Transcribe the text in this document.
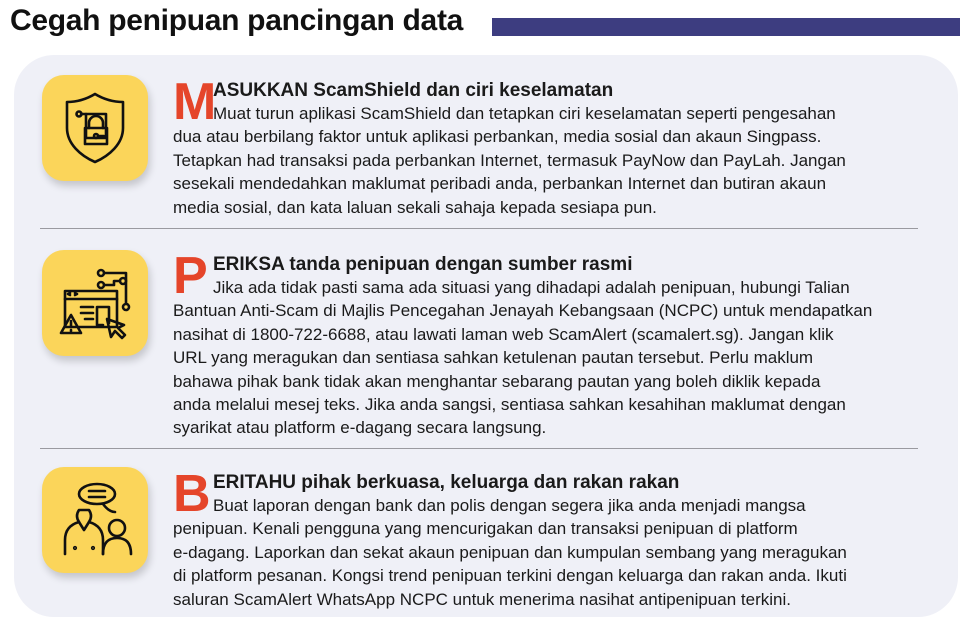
Cegah penipuan pancingan data
M
ASUKKAN ScamShield dan ciri keselamatan
Muat turun aplikasi ScamShield dan tetapkan ciri keselamatan seperti pengesahan
dua atau berbilang faktor untuk aplikasi perbankan, media sosial dan akaun Singpass.
Tetapkan had transaksi pada perbankan Internet, termasuk PayNow dan PayLah. Jangan
sesekali mendedahkan maklumat peribadi anda, perbankan Internet dan butiran akaun
media sosial, dan kata laluan sekali sahaja kepada sesiapa pun.
P ERIKSA tanda penipuan dengan sumber rasmi
Jika ada tidak pasti sama ada situasi yang dihadapi adalah penipuan, hubungi Talian
Bantuan Anti-Scam di Majlis Pencegahan Jenayah Kebangsaan (NCPC) untuk mendapatkan
nasihat di 1800-722-6688, atau lawati laman web ScamAlert (scamalert.sg). Jangan klik
URL yang meragukan dan sentiasa sahkan ketulenan pautan tersebut. Perlu maklum
bahawa pihak bank tidak akan menghantar sebarang pautan yang boleh diklik kepada
anda melalui mesej teks. Jika anda sangsi, sentiasa sahkan kesahihan maklumat dengan
syarikat atau platform e-dagang secara langsung.
B ERITAHU pihak berkuasa, keluarga dan rakan rakan
Buat laporan dengan bank dan polis dengan segera jika anda menjadi mangsa
penipuan. Kenali pengguna yang mencurigakan dan transaksi penipuan di platform
e-dagang. Laporkan dan sekat akaun penipuan dan kumpulan sembang yang meragukan
di platform pesanan. Kongsi trend penipuan terkini dengan keluarga dan rakan anda. Ikuti
saluran ScamAlert WhatsApp NCPC untuk menerima nasihat antipenipuan terkini.
